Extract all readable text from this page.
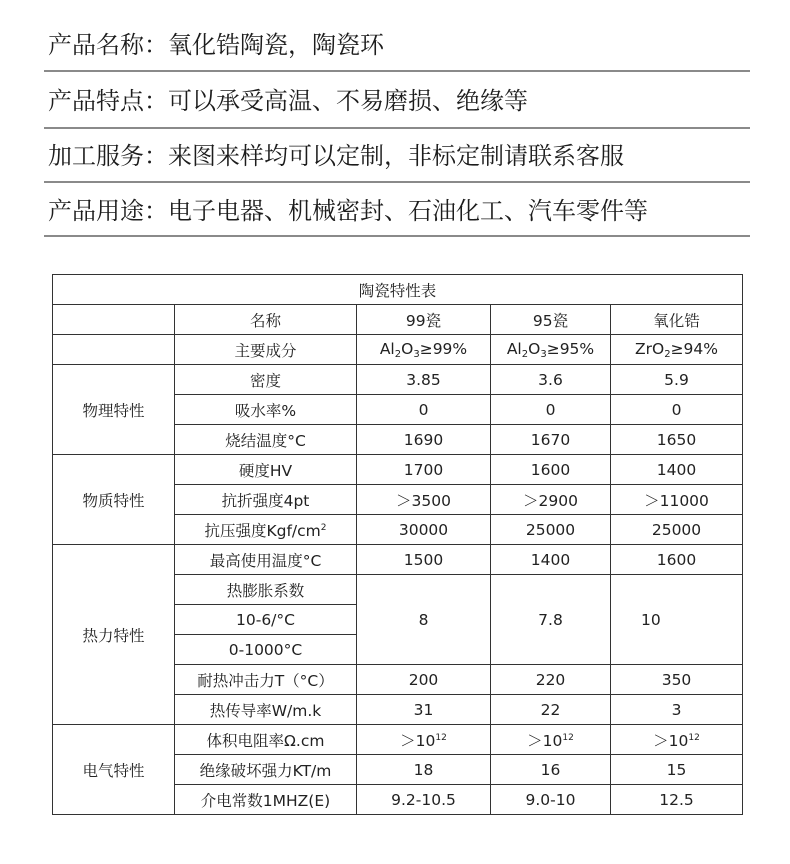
产品名称：氧化锆陶瓷，陶瓷环
产品特点：可以承受高温、不易磨损、绝缘等
加工服务：来图来样均可以定制，非标定制请联系客服
产品用途：电子电器、机械密封、石油化工、汽车零件等
陶瓷特性表				
	名称	99瓷	95瓷	氧化锆
	主要成分	$Al_2O_3\ge 99\%$	$Al_2O_3\ge 95\%$	ZrO$_2$≥94%
物理特性	密度	3.85	3.6	5.9
	吸水率%	0	0	0
	烧结温度°C	1690	1670	1650
物质特性	硬度HV	1700	1600	1400
	抗折强度4pt	＞3500	＞2900	＞11000
	抗压强度Kgf/$cm^2$	30000	25000	25000
热力特性	最高使用温度°C	1500	1400	1600
	热膨胀系数	8	7.8	10
	10-6/°C			
	0-1000°C			
	耐热冲击力T（°C）	200	220	350
	热传导率W/m.k	31	22	3
电气特性	体积电阻率Ω.cm	$>10^{12}$	$>10^{12}$	$>10^{12}$
	绝缘破坏强力KT/m	18	16	15
	介电常数1MHZ(E)	9.2-10.5	9.0-10	12.5
